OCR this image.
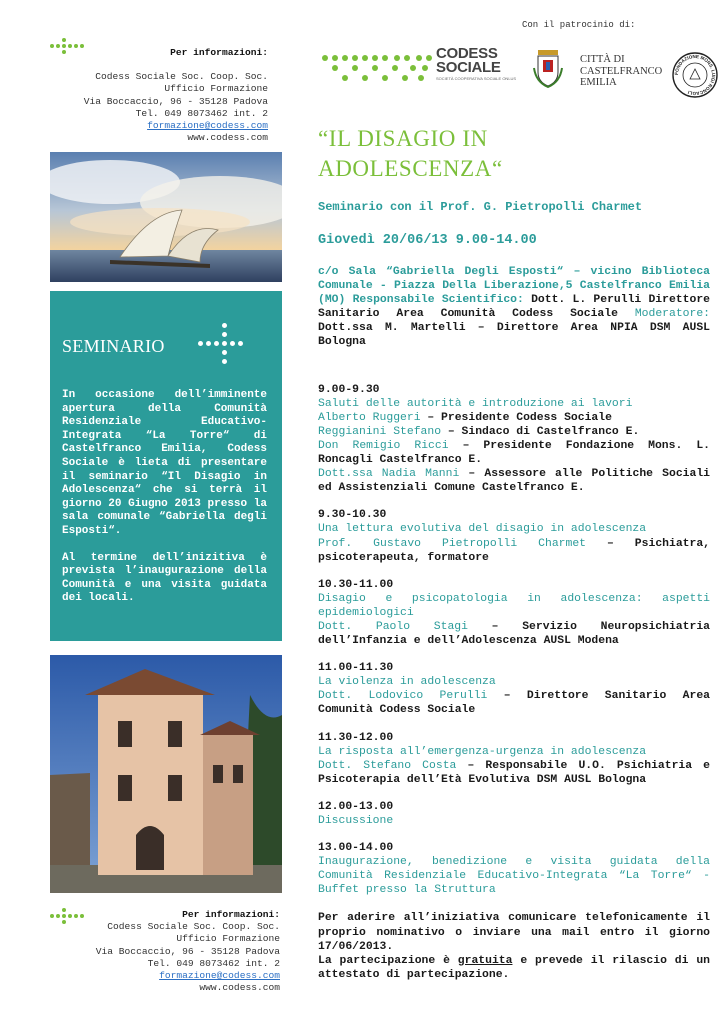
Con il patrocinio di:
Per informazioni:
Codess Sociale Soc. Coop. Soc.
Ufficio Formazione
Via Boccaccio, 96 - 35128 Padova
Tel. 049 8073462 int. 2
formazione@codess.com
www.codess.com
CODESS
SOCIALE
SOCIETÀ COOPERATIVA SOCIALE ONLUS
CITTÀ DI
CASTELFRANCO
EMILIA
FONDAZIONE MONS. LUIGI RONCAGLI
SEMINARIO

In occasione dell’imminente apertura della Comunità Residenziale Educativo-Integrata “La Torre“ di Castelfranco Emilia, Codess Sociale è lieta di presentare il seminario “Il Disagio in Adolescenza“ che si terrà il giorno 20 Giugno 2013 presso la sala comunale “Gabriella degli Esposti“.

Al termine dell’inizitiva è prevista l’inaugurazione della Comunità e una visita guidata dei locali.

Per informazioni:
Codess Sociale Soc. Coop. Soc.
Ufficio Formazione
Via Boccaccio, 96 - 35128 Padova
Tel. 049 8073462 int. 2
formazione@codess.com
www.codess.com
“IL DISAGIO IN
ADOLESCENZA“
Seminario con il Prof. G. Pietropolli Charmet
Giovedì 20/06/13 9.00-14.00
c/o Sala “Gabriella Degli Esposti“ – vicino Biblioteca Comunale - Piazza Della Liberazione,5 Castelfranco Emilia (MO) Responsabile Scientifico: Dott. L. Perulli Direttore Sanitario Area Comunità Codess Sociale Moderatore: Dott.ssa M. Martelli – Direttore Area NPIA DSM AUSL Bologna
9.00-9.30
Saluti delle autorità e introduzione ai lavori
Alberto Ruggeri – Presidente Codess Sociale
Reggianini Stefano – Sindaco di Castelfranco E.
Don Remigio Ricci – Presidente Fondazione Mons. L. Roncagli Castelfranco E.
Dott.ssa Nadia Manni – Assessore alle Politiche Sociali ed Assistenziali Comune Castelfranco E.
9.30-10.30
Una lettura evolutiva del disagio in adolescenza
Prof. Gustavo Pietropolli Charmet – Psichiatra, psicoterapeuta, formatore
10.30-11.00
Disagio e psicopatologia in adolescenza: aspetti epidemiologici
Dott. Paolo Stagi – Servizio Neuropsichiatria dell’Infanzia e dell’Adolescenza AUSL Modena
11.00-11.30
La violenza in adolescenza
Dott. Lodovico Perulli – Direttore Sanitario Area Comunità Codess Sociale
11.30-12.00
La risposta all’emergenza-urgenza in adolescenza
Dott. Stefano Costa – Responsabile U.O. Psichiatria e Psicoterapia dell’Età Evolutiva DSM AUSL Bologna
12.00-13.00
Discussione
13.00-14.00
Inaugurazione, benedizione e visita guidata della Comunità Residenziale Educativo-Integrata “La Torre“ - Buffet presso la Struttura
Per aderire all’iniziativa comunicare telefonicamente il proprio nominativo o inviare una mail entro il giorno 17/06/2013.
La partecipazione è gratuita e prevede il rilascio di un attestato di partecipazione.
